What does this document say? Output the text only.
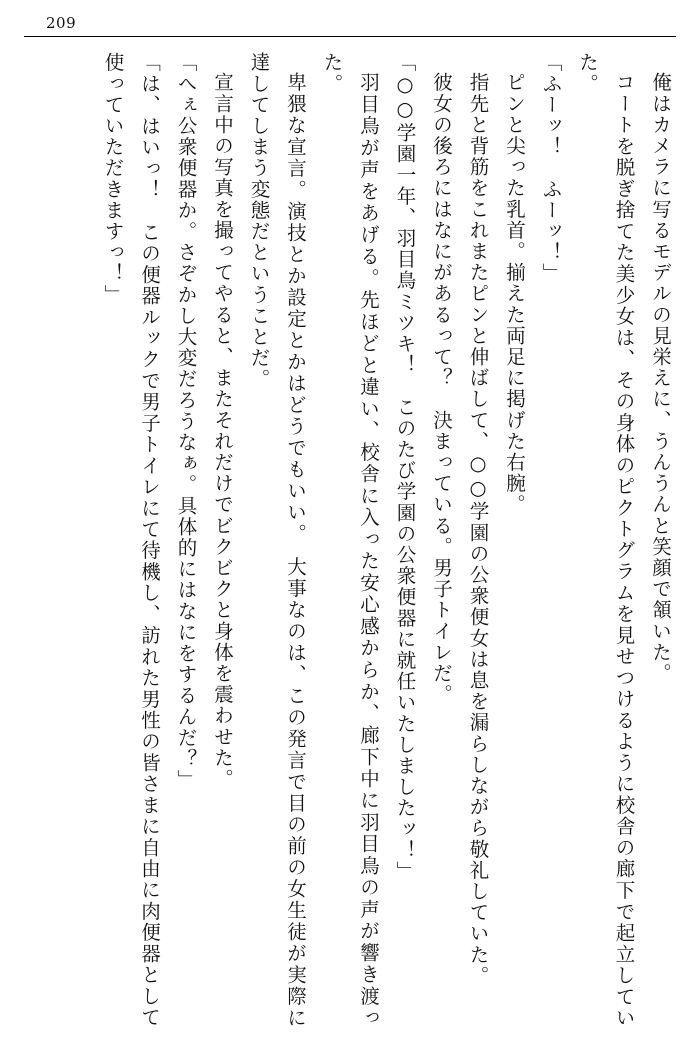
209

俺はカメラに写るモデルの見栄えに、うんうんと笑顔で頷いた。

コートを脱ぎ捨てた美少女は、その身体のピクトグラムを見せつけるように校舎の廊下で起立していた。

「ふーッ！　ふーッ！」

ピンと尖った乳首。揃えた両足に掲げた右腕。

指先と背筋をこれまたピンと伸ばして、○○学園の公衆便女は息を漏らしながら敬礼していた。

彼女の後ろにはなにがあるって？　決まっている。男子トイレだ。

「○○学園一年、羽目鳥ミツキ！　このたび学園の公衆便器に就任いたしましたッ！」

羽目鳥が声をあげる。先ほどと違い、校舎に入った安心感からか、廊下中に羽目鳥の声が響き渡った。

卑猥な宣言。演技とか設定とかはどうでもいい。　大事なのは、この発言で目の前の女生徒が実際に達してしまう変態だということだ。

宣言中の写真を撮ってやると、またそれだけでビクビクと身体を震わせた。

「へぇ公衆便器か。さぞかし大変だろうなぁ。具体的にはなにをするんだ？」

「は、はいっ！　この便器ルックで男子トイレにて待機し、訪れた男性の皆さまに自由に肉便器として使っていただきますっ！」
